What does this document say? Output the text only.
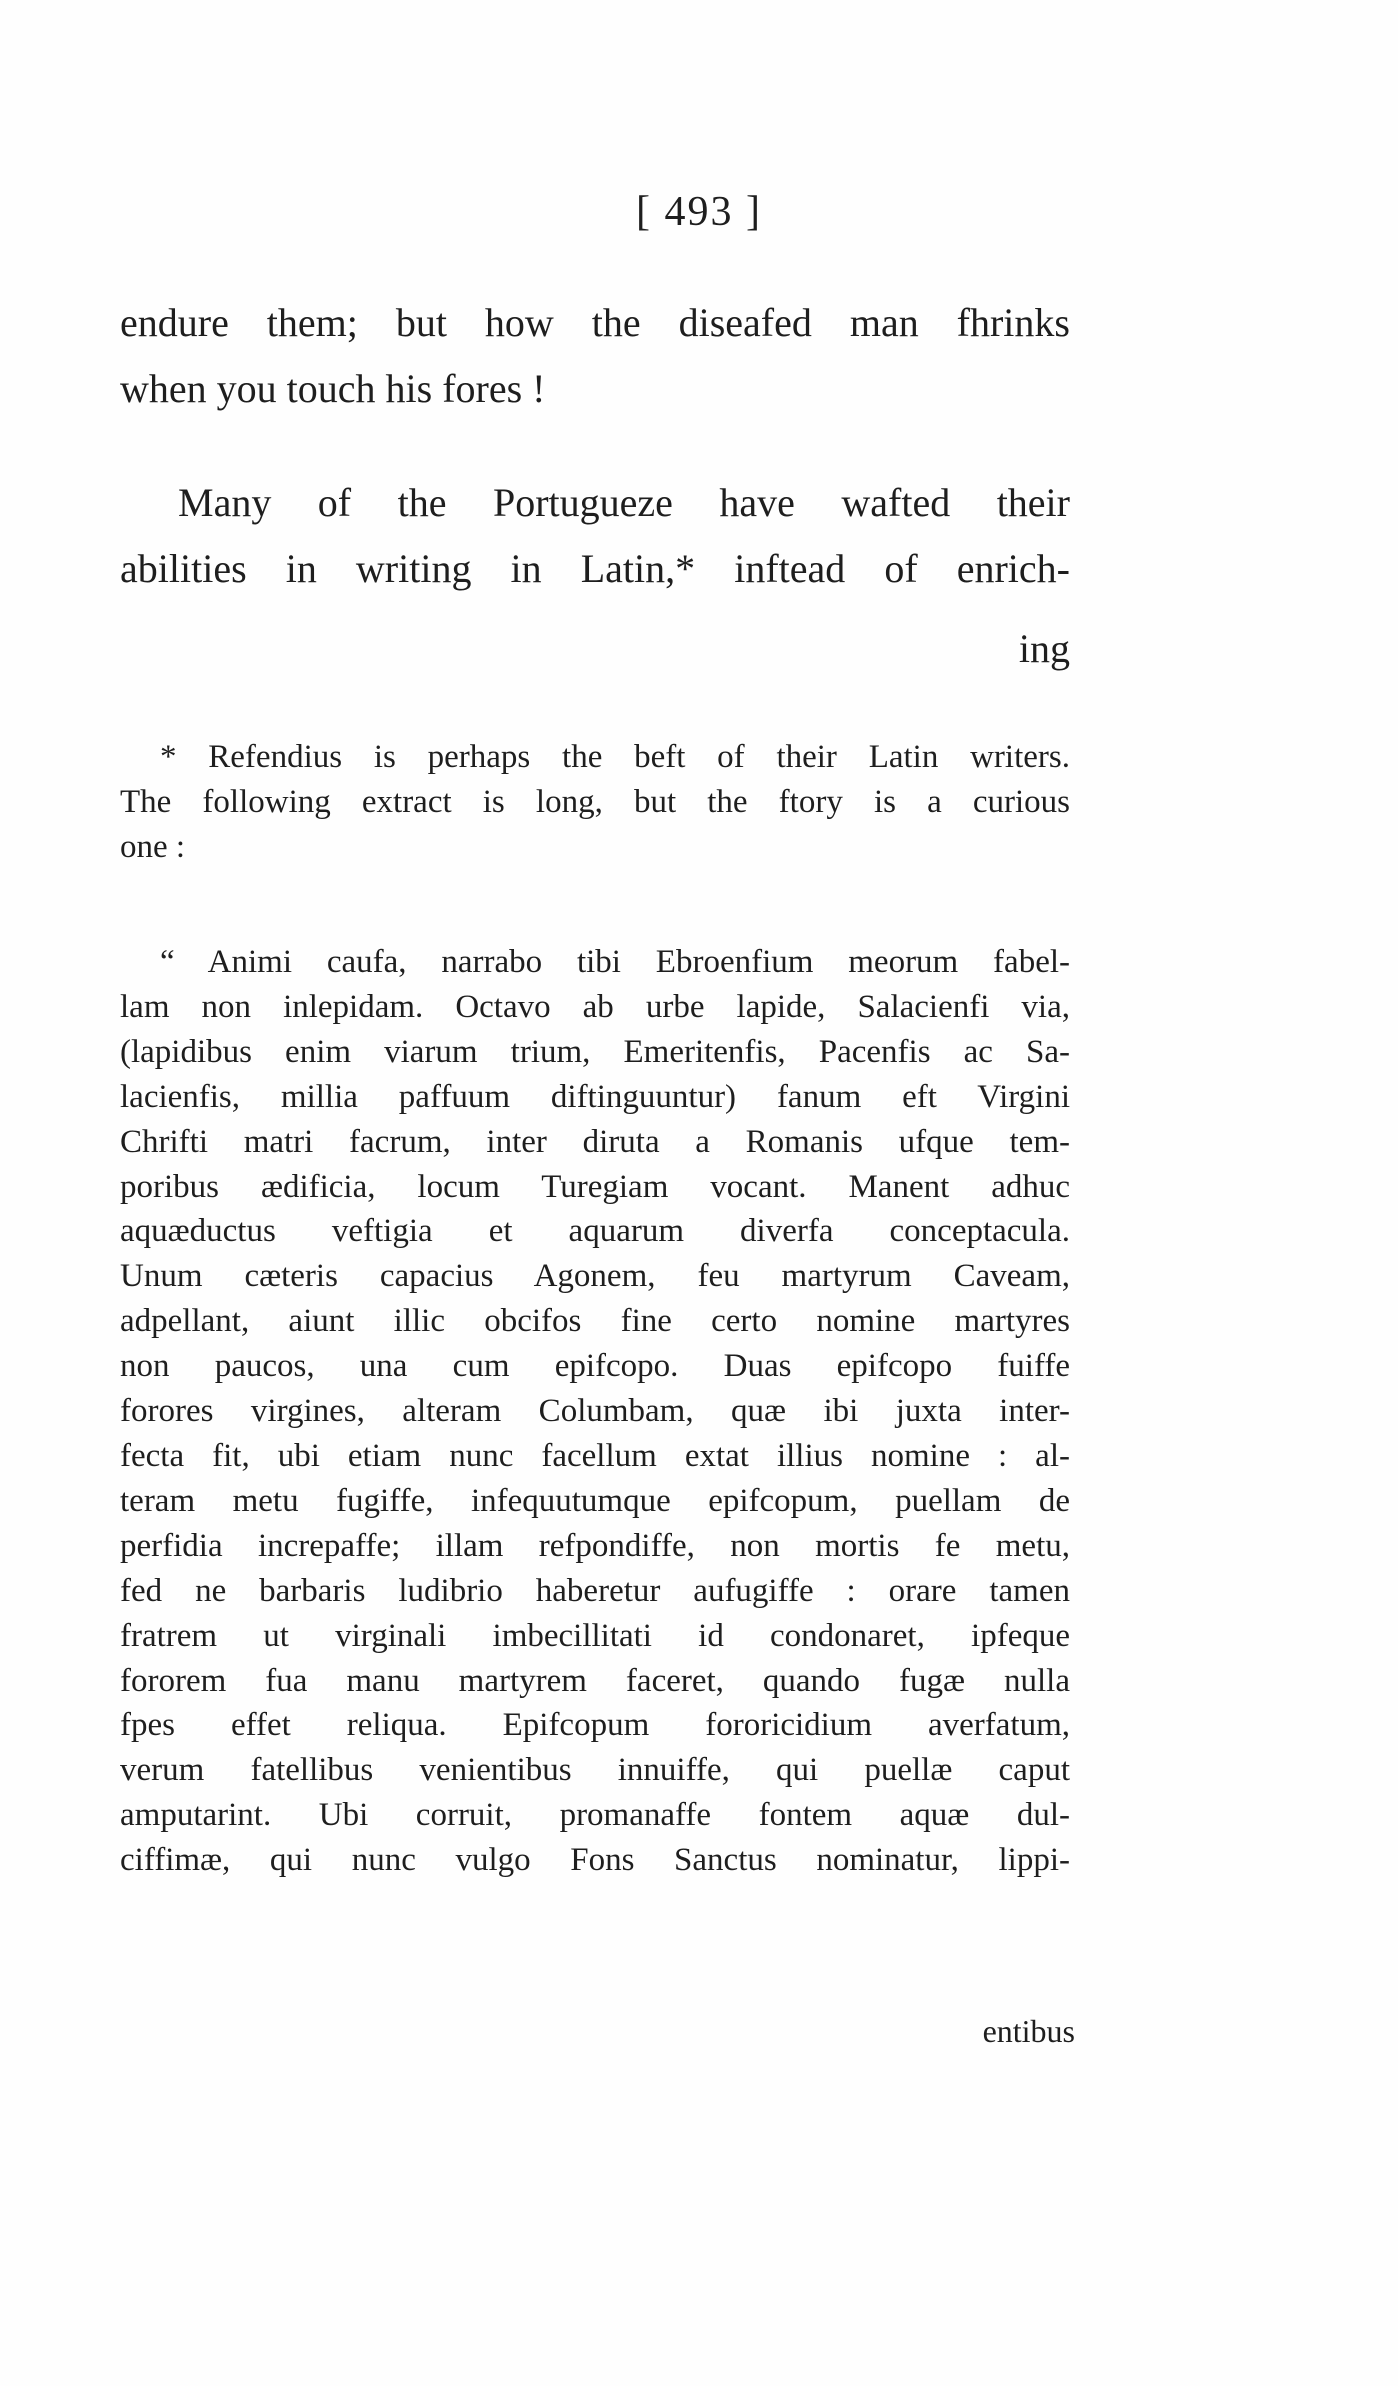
[ 493 ]

endure them; but how the diseafed man fhrinks

when you touch his fores !

Many of the Portugueze have wafted their

abilities in writing in Latin,* inftead of enrich-

ing

* Refendius is perhaps the beft of their Latin writers.

The following extract is long, but the ftory is a curious

one :

“ Animi caufa, narrabo tibi Ebroenfium meorum fabel-

lam non inlepidam. Octavo ab urbe lapide, Salacienfi via,

(lapidibus enim viarum trium, Emeritenfis, Pacenfis ac Sa-

lacienfis, millia paffuum diftinguuntur) fanum eft Virgini

Chrifti matri facrum, inter diruta a Romanis ufque tem-

poribus ædificia, locum Turegiam vocant. Manent adhuc

aquæductus veftigia et aquarum diverfa conceptacula.

Unum cæteris capacius Agonem, feu martyrum Caveam,

adpellant, aiunt illic obcifos fine certo nomine martyres

non paucos, una cum epifcopo. Duas epifcopo fuiffe

forores virgines, alteram Columbam, quæ ibi juxta inter-

fecta fit, ubi etiam nunc facellum extat illius nomine : al-

teram metu fugiffe, infequutumque epifcopum, puellam de

perfidia increpaffe; illam refpondiffe, non mortis fe metu,

fed ne barbaris ludibrio haberetur aufugiffe : orare tamen

fratrem ut virginali imbecillitati id condonaret, ipfeque

fororem fua manu martyrem faceret, quando fugæ nulla

fpes effet reliqua. Epifcopum fororicidium averfatum,

verum fatellibus venientibus innuiffe, qui puellæ caput

amputarint. Ubi corruit, promanaffe fontem aquæ dul-

ciffimæ, qui nunc vulgo Fons Sanctus nominatur, lippi-

entibus
